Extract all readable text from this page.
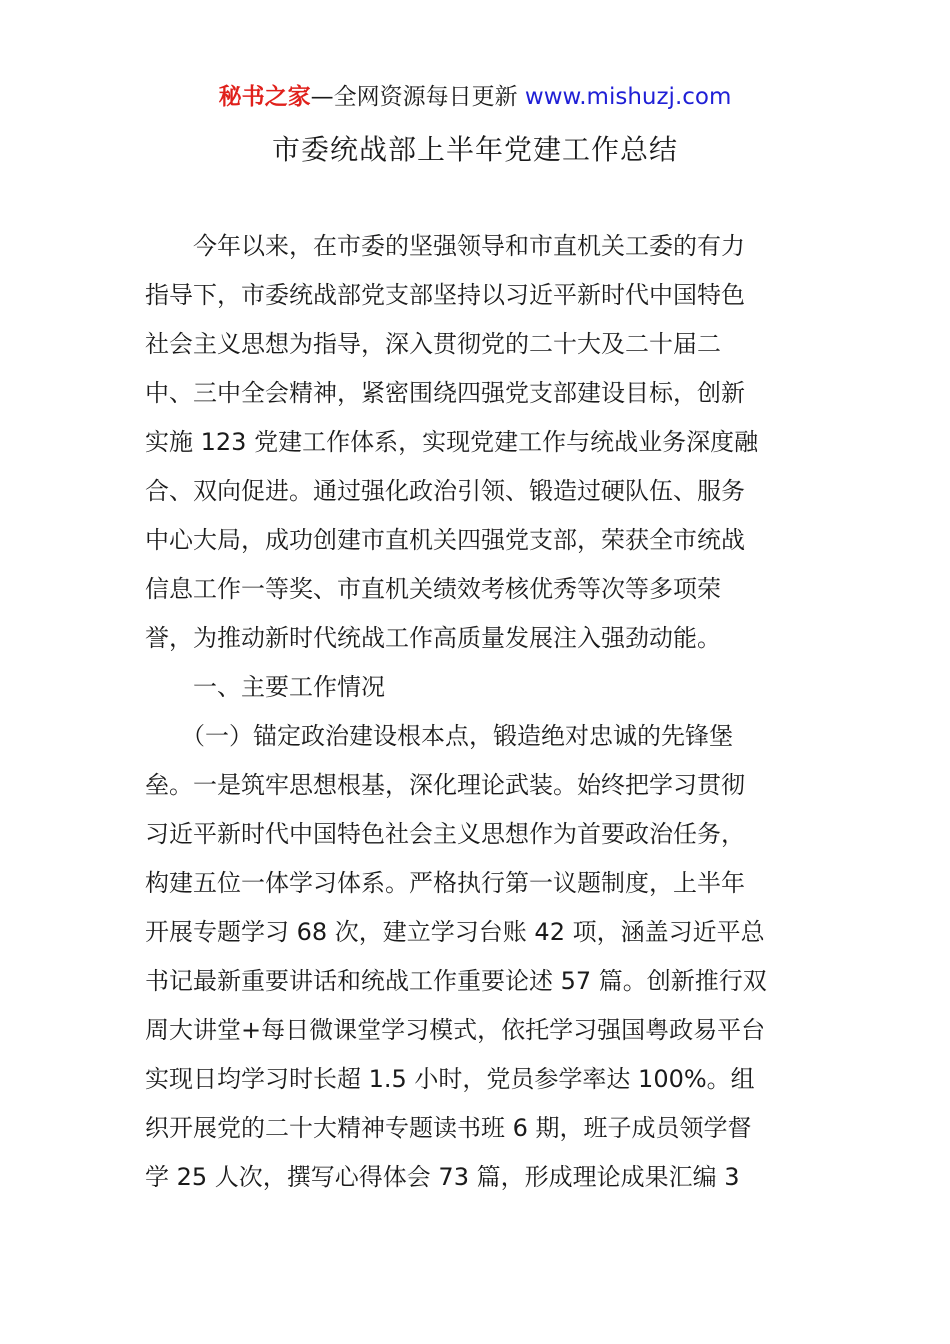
秘书之家—全网资源每日更新 www.mishuzj.com
市委统战部上半年党建工作总结
　　今年以来，在市委的坚强领导和市直机关工委的有力
指导下，市委统战部党支部坚持以习近平新时代中国特色
社会主义思想为指导，深入贯彻党的二十大及二十届二
中、三中全会精神，紧密围绕四强党支部建设目标，创新
实施 123 党建工作体系，实现党建工作与统战业务深度融
合、双向促进。通过强化政治引领、锻造过硬队伍、服务
中心大局，成功创建市直机关四强党支部，荣获全市统战
信息工作一等奖、市直机关绩效考核优秀等次等多项荣
誉，为推动新时代统战工作高质量发展注入强劲动能。
　　一、主要工作情况
　　（一）锚定政治建设根本点，锻造绝对忠诚的先锋堡
垒。一是筑牢思想根基，深化理论武装。始终把学习贯彻
习近平新时代中国特色社会主义思想作为首要政治任务，
构建五位一体学习体系。严格执行第一议题制度，上半年
开展专题学习 68 次，建立学习台账 42 项，涵盖习近平总
书记最新重要讲话和统战工作重要论述 57 篇。创新推行双
周大讲堂+每日微课堂学习模式，依托学习强国粤政易平台
实现日均学习时长超 1.5 小时，党员参学率达 100%。组
织开展党的二十大精神专题读书班 6 期，班子成员领学督
学 25 人次，撰写心得体会 73 篇，形成理论成果汇编 3
